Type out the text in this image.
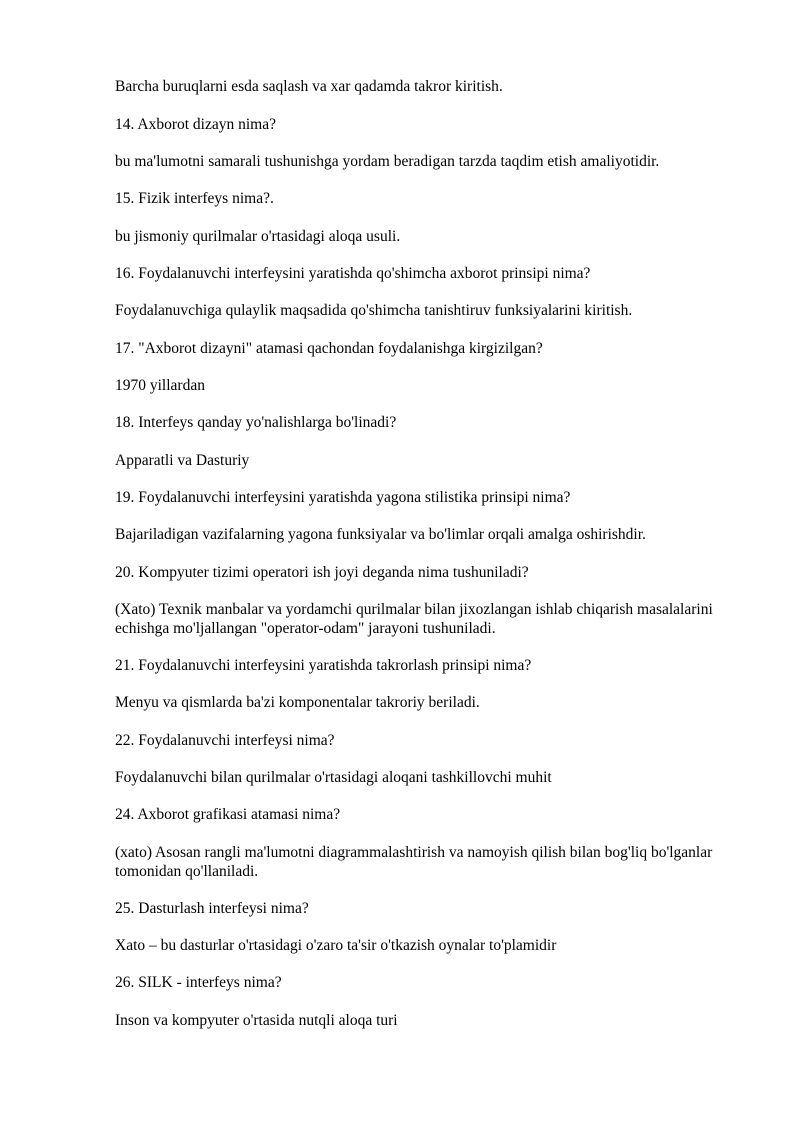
Barcha buruqlarni esda saqlash va xar qadamda takror kiritish.

14. Axborot dizayn nima?

bu ma'lumotni samarali tushunishga yordam beradigan tarzda taqdim etish amaliyotidir.

15. Fizik interfeys nima?.

bu jismoniy qurilmalar o'rtasidagi aloqa usuli.

16. Foydalanuvchi interfeysini yaratishda qo'shimcha axborot prinsipi nima?

Foydalanuvchiga qulaylik maqsadida qo'shimcha tanishtiruv funksiyalarini kiritish.

17. "Axborot dizayni" atamasi qachondan foydalanishga kirgizilgan?

1970 yillardan

18. Interfeys qanday yo'nalishlarga bo'linadi?

Apparatli va Dasturiy

19. Foydalanuvchi interfeysini yaratishda yagona stilistika prinsipi nima?

Bajariladigan vazifalarning yagona funksiyalar va bo'limlar orqali amalga oshirishdir.

20. Kompyuter tizimi operatori ish joyi deganda nima tushuniladi?

(Xato) Texnik manbalar va yordamchi qurilmalar bilan jixozlangan ishlab chiqarish masalalarini echishga mo'ljallangan "operator-odam" jarayoni tushuniladi.

21. Foydalanuvchi interfeysini yaratishda takrorlash prinsipi nima?

Menyu va qismlarda ba'zi komponentalar takroriy beriladi.

22. Foydalanuvchi interfeysi nima?

Foydalanuvchi bilan qurilmalar o'rtasidagi aloqani tashkillovchi muhit

24. Axborot grafikasi atamasi nima?

(xato) Asosan rangli ma'lumotni diagrammalashtirish va namoyish qilish bilan bog'liq bo'lganlar tomonidan qo'llaniladi.

25. Dasturlash interfeysi nima?

Xato – bu dasturlar o'rtasidagi o'zaro ta'sir o'tkazish oynalar to'plamidir

26. SILK - interfeys nima?

Inson va kompyuter o'rtasida nutqli aloqa turi
